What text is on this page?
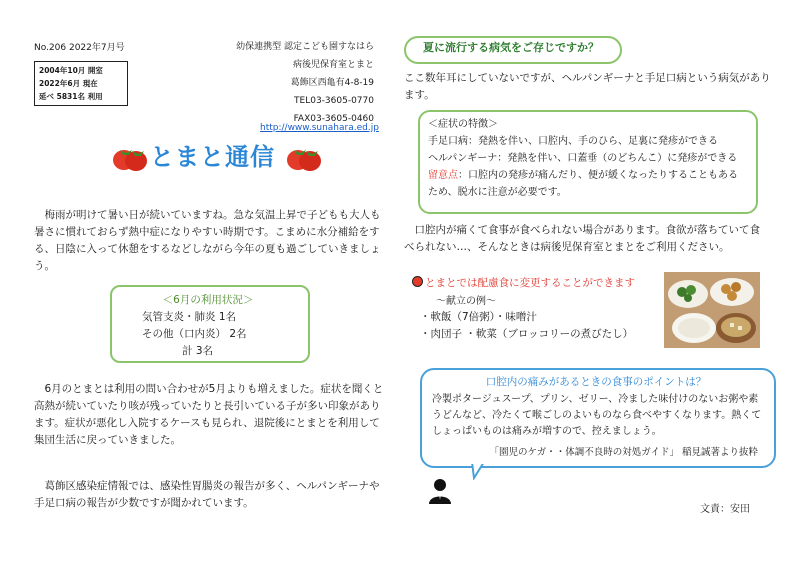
No.206 2022年7月号
2004年10月 開室
2022年6月 現在
延べ 5831名 利用
幼保連携型 認定こども園すなはら
病後児保育室とまと
葛飾区西亀有4-8-19
TEL03-3605-0770
FAX03-3605-0460
http://www.sunahara.ed.jp
とまと通信
梅雨が明けて暑い日が続いていますね。急な気温上昇で子どもも大人も暑さに慣れておらず熱中症になりやすい時期です。こまめに水分補給をする、日陰に入って休憩をするなどしながら今年の夏も過ごしていきましょう。
＜6月の利用状況＞
気管支炎・肺炎 1名
その他（口内炎） 2名
計 3名
6月のとまとは利用の問い合わせが5月よりも増えました。症状を聞くと高熱が続いていたり咳が残っていたりと長引いている子が多い印象があります。症状が悪化し入院するケースも見られ、退院後にとまとを利用して集団生活に戻っていきました。
葛飾区感染症情報では、感染性胃腸炎の報告が多く、ヘルパンギーナや手足口病の報告が少数ですが聞かれています。
夏に流行する病気をご存じですか？
ここ数年耳にしていないですが、ヘルパンギーナと手足口病という病気があります。
＜症状の特徴＞
手足口病：発熱を伴い、口腔内、手のひら、足裏に発疹ができる
ヘルパンギーナ：発熱を伴い、口蓋垂（のどちんこ）に発疹ができる
留意点：口腔内の発疹が痛んだり、便が緩くなったりすることもある
ため、脱水に注意が必要です。
口腔内が痛くて食事が食べられない場合があります。食欲が落ちていて食べられない…、そんなときは病後児保育室とまとをご利用ください。
とまとでは配慮食に変更することができます
～献立の例～
・軟飯（7倍粥）・味噌汁
・肉団子 ・軟菜（ブロッコリーの煮びたし）
口腔内の痛みがあるときの食事のポイントは？
冷製ポタージュスープ、プリン、ゼリー、冷ました味付けのないお粥や素うどんなど、冷たくて喉ごしのよいものなら食べやすくなります。熱くてしょっぱいものは痛みが増すので、控えましょう。
「園児のケガ・・体調不良時の対処ガイド」 稲見誠著より抜粋
文責：安田
